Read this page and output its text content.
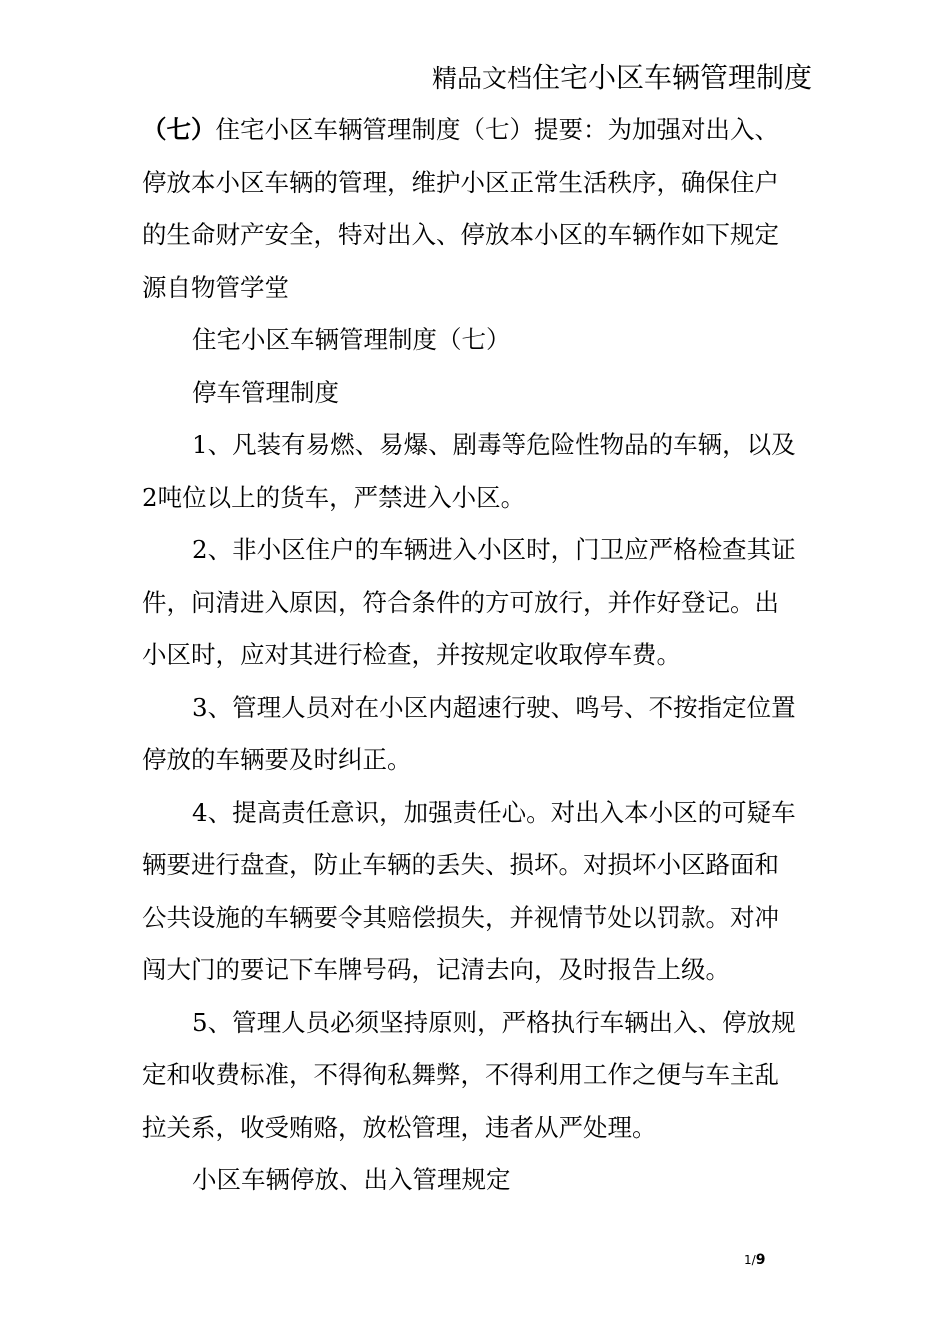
精品文档住宅小区车辆管理制度
（七）住宅小区车辆管理制度（七）提要：为加强对出入、
停放本小区车辆的管理，维护小区正常生活秩序，确保住户
的生命财产安全，特对出入、停放本小区的车辆作如下规定
源自物管学堂
住宅小区车辆管理制度（七）
停车管理制度
1、凡装有易燃、易爆、剧毒等危险性物品的车辆，以及
2吨位以上的货车，严禁进入小区。
2、非小区住户的车辆进入小区时，门卫应严格检查其证
件，问清进入原因，符合条件的方可放行，并作好登记。出
小区时，应对其进行检查，并按规定收取停车费。
3、管理人员对在小区内超速行驶、鸣号、不按指定位置
停放的车辆要及时纠正。
4、提高责任意识，加强责任心。对出入本小区的可疑车
辆要进行盘查，防止车辆的丢失、损坏。对损坏小区路面和
公共设施的车辆要令其赔偿损失，并视情节处以罚款。对冲
闯大门的要记下车牌号码，记清去向，及时报告上级。
5、管理人员必须坚持原则，严格执行车辆出入、停放规
定和收费标准，不得徇私舞弊，不得利用工作之便与车主乱
拉关系，收受贿赂，放松管理，违者从严处理。
小区车辆停放、出入管理规定
1/9
